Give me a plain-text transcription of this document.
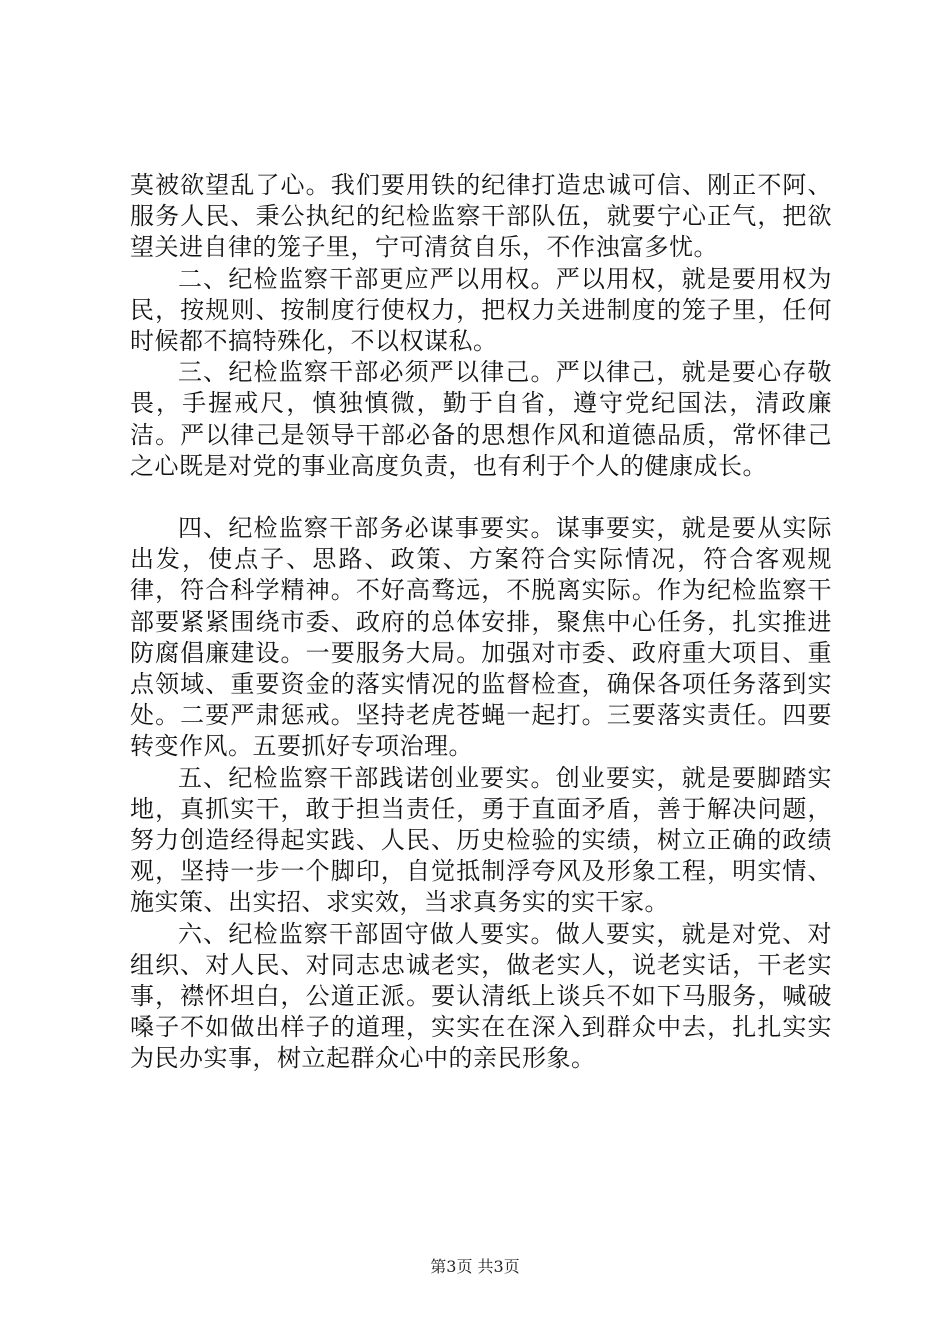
莫被欲望乱了心。我们要用铁的纪律打造忠诚可信、刚正不阿、服务人民、秉公执纪的纪检监察干部队伍，就要宁心正气，把欲望关进自律的笼子里，宁可清贫自乐，不作浊富多忧。

二、纪检监察干部更应严以用权。严以用权，就是要用权为民，按规则、按制度行使权力，把权力关进制度的笼子里，任何时候都不搞特殊化，不以权谋私。

三、纪检监察干部必须严以律己。严以律己，就是要心存敬畏，手握戒尺，慎独慎微，勤于自省，遵守党纪国法，清政廉洁。严以律己是领导干部必备的思想作风和道德品质，常怀律己之心既是对党的事业高度负责，也有利于个人的健康成长。

四、纪检监察干部务必谋事要实。谋事要实，就是要从实际出发，使点子、思路、政策、方案符合实际情况，符合客观规律，符合科学精神。不好高骛远，不脱离实际。作为纪检监察干部要紧紧围绕市委、政府的总体安排，聚焦中心任务，扎实推进防腐倡廉建设。一要服务大局。加强对市委、政府重大项目、重点领域、重要资金的落实情况的监督检查，确保各项任务落到实处。二要严肃惩戒。坚持老虎苍蝇一起打。三要落实责任。四要转变作风。五要抓好专项治理。

五、纪检监察干部践诺创业要实。创业要实，就是要脚踏实地，真抓实干，敢于担当责任，勇于直面矛盾，善于解决问题，努力创造经得起实践、人民、历史检验的实绩，树立正确的政绩观，坚持一步一个脚印，自觉抵制浮夸风及形象工程，明实情、施实策、出实招、求实效，当求真务实的实干家。

六、纪检监察干部固守做人要实。做人要实，就是对党、对组织、对人民、对同志忠诚老实，做老实人，说老实话，干老实事，襟怀坦白，公道正派。要认清纸上谈兵不如下马服务，喊破嗓子不如做出样子的道理，实实在在深入到群众中去，扎扎实实为民办实事，树立起群众心中的亲民形象。

第3页 共3页
